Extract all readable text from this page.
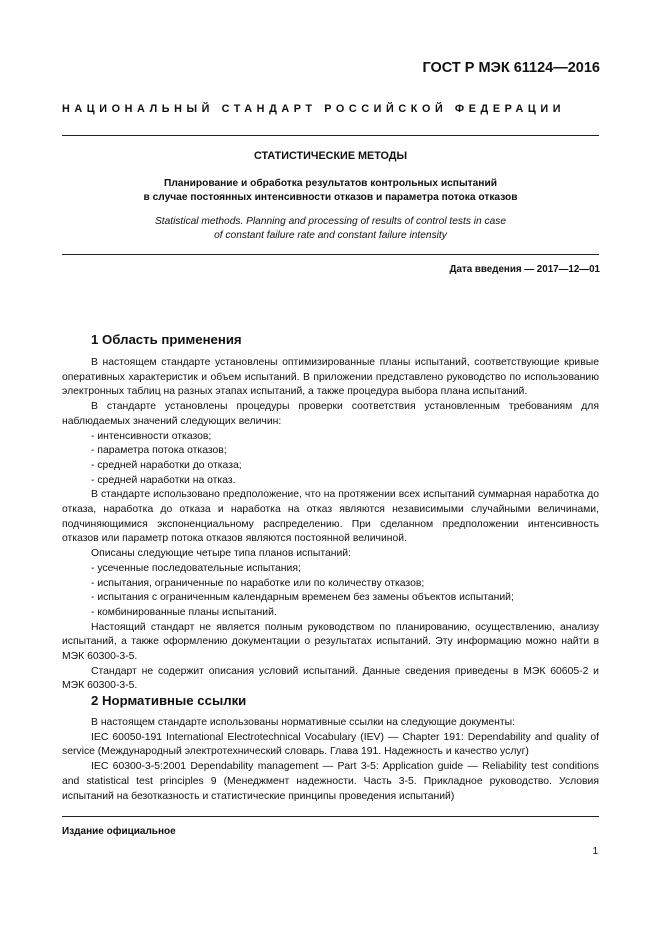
ГОСТ Р МЭК 61124—2016
НАЦИОНАЛЬНЫЙ СТАНДАРТ РОССИЙСКОЙ ФЕДЕРАЦИИ
СТАТИСТИЧЕСКИЕ МЕТОДЫ
Планирование и обработка результатов контрольных испытаний
в случае постоянных интенсивности отказов и параметра потока отказов
Statistical methods. Planning and processing of results of control tests in case
of constant failure rate and constant failure intensity
Дата введения — 2017—12—01
1 Область применения

В настоящем стандарте установлены оптимизированные планы испытаний, соответствующие кривые оперативных характеристик и объем испытаний. В приложении представлено руководство по использованию электронных таблиц на разных этапах испытаний, а также процедура выбора плана испытаний.

В стандарте установлены процедуры проверки соответствия установленным требованиям для наблюдаемых значений следующих величин:

- интенсивности отказов;

- параметра потока отказов;

- средней наработки до отказа;

- средней наработки на отказ.

В стандарте использовано предположение, что на протяжении всех испытаний суммарная наработка до отказа, наработка до отказа и наработка на отказ являются независимыми случайными величинами, подчиняющимися экспоненциальному распределению. При сделанном предположении интенсивность отказов или параметр потока отказов являются постоянной величиной.

Описаны следующие четыре типа планов испытаний:

- усеченные последовательные испытания;

- испытания, ограниченные по наработке или по количеству отказов;

- испытания с ограниченным календарным временем без замены объектов испытаний;

- комбинированные планы испытаний.

Настоящий стандарт не является полным руководством по планированию, осуществлению, анализу испытаний, а также оформлению документации о результатах испытаний. Эту информацию можно найти в МЭК 60300-3-5.

Стандарт не содержит описания условий испытаний. Данные сведения приведены в МЭК 60605-2 и МЭК 60300-3-5.

2 Нормативные ссылки

В настоящем стандарте использованы нормативные ссылки на следующие документы:

IEC 60050-191 International Electrotechnical Vocabulary (IEV) — Chapter 191: Dependability and quality of service (Международный электротехнический словарь. Глава 191. Надежность и качество услуг)

IEC 60300-3-5:2001 Dependability management — Part 3-5: Application guide — Reliability test conditions and statistical test principles 9 (Менеджмент надежности. Часть 3-5. Прикладное руководство. Условия испытаний на безотказность и статистические принципы проведения испытаний)

Издание официальное
1
